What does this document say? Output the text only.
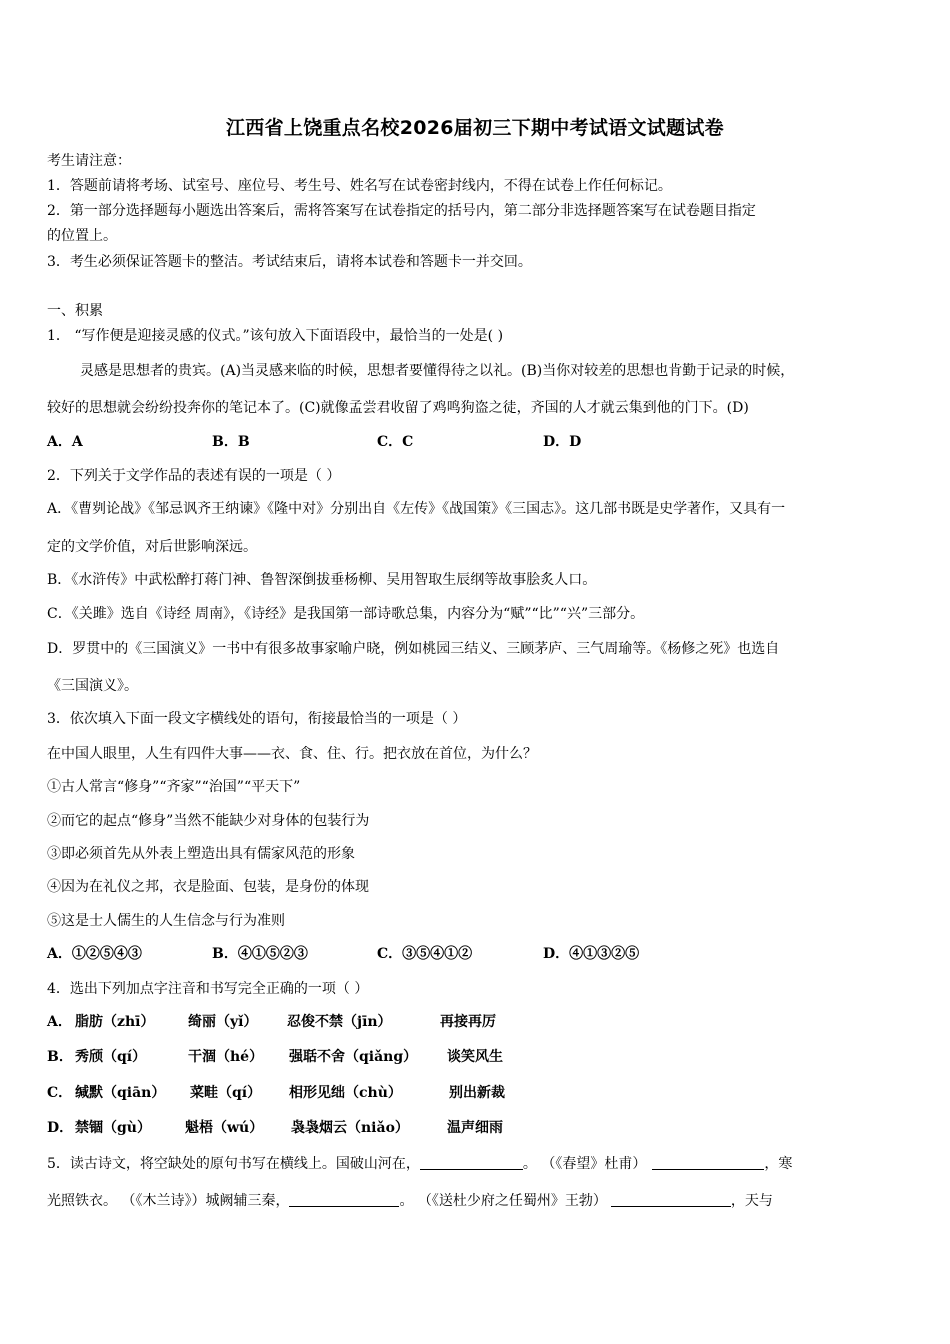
江西省上饶重点名校2026届初三下期中考试语文试题试卷
考生请注意：
1．答题前请将考场、试室号、座位号、考生号、姓名写在试卷密封线内，不得在试卷上作任何标记。
2．第一部分选择题每小题选出答案后，需将答案写在试卷指定的括号内，第二部分非选择题答案写在试卷题目指定
的位置上。
3．考生必须保证答题卡的整洁。考试结束后，请将本试卷和答题卡一并交回。
一、积累
1． “写作便是迎接灵感的仪式。”该句放入下面语段中，最恰当的一处是( )
灵感是思想者的贵宾。(A)当灵感来临的时候，思想者要懂得待之以礼。(B)当你对较差的思想也肯勤于记录的时候，
较好的思想就会纷纷投奔你的笔记本了。(C)就像孟尝君收留了鸡鸣狗盗之徒，齐国的人才就云集到他的门下。(D)
A．A	B．B	C．C	D．D
2．下列关于文学作品的表述有误的一项是（ ）
A．《曹刿论战》《邹忌讽齐王纳谏》《隆中对》分别出自《左传》《战国策》《三国志》。这几部书既是史学著作，又具有一
定的文学价值，对后世影响深远。
B．《水浒传》中武松醉打蒋门神、鲁智深倒拔垂杨柳、吴用智取生辰纲等故事脍炙人口。
C．《关雎》选自《诗经 周南》，《诗经》是我国第一部诗歌总集，内容分为“赋”“比”“兴”三部分。
D．罗贯中的《三国演义》一书中有很多故事家喻户晓，例如桃园三结义、三顾茅庐、三气周瑜等。《杨修之死》也选自
《三国演义》。
3．依次填入下面一段文字横线处的语句，衔接最恰当的一项是（ ）
在中国人眼里，人生有四件大事——衣、食、住、行。把衣放在首位，为什么？
①古人常言“修身”“齐家”“治国”“平天下”
②而它的起点“修身”当然不能缺少对身体的包装行为
③即必须首先从外表上塑造出具有儒家风范的形象
④因为在礼仪之邦，衣是脸面、包装，是身份的体现
⑤这是士人儒生的人生信念与行为准则
A．①②⑤④③	B．④①⑤②③	C．③⑤④①②	D．④①③②⑤
4．选出下列加点字注音和书写完全正确的一项（ ）
A． 脂肪（zhī） 绮丽（yǐ） 忍俊不禁（jīn）	再接再厉
B． 秀颀（qí）	干涸（hé） 强聒不舍（qiǎng） 谈笑风生
C． 缄默（qiān） 菜畦（qí） 相形见绌（chù）	别出新裁
D． 禁锢（gù） 魁梧（wú） 袅袅烟云（niǎo）	温声细雨
5．读古诗文，将空缺处的原句书写在横线上。国破山河在，	。 （《春望》杜甫）	，寒
光照铁衣。 （《木兰诗》）城阙辅三秦，	。 （《送杜少府之任蜀州》王勃）	，天与
